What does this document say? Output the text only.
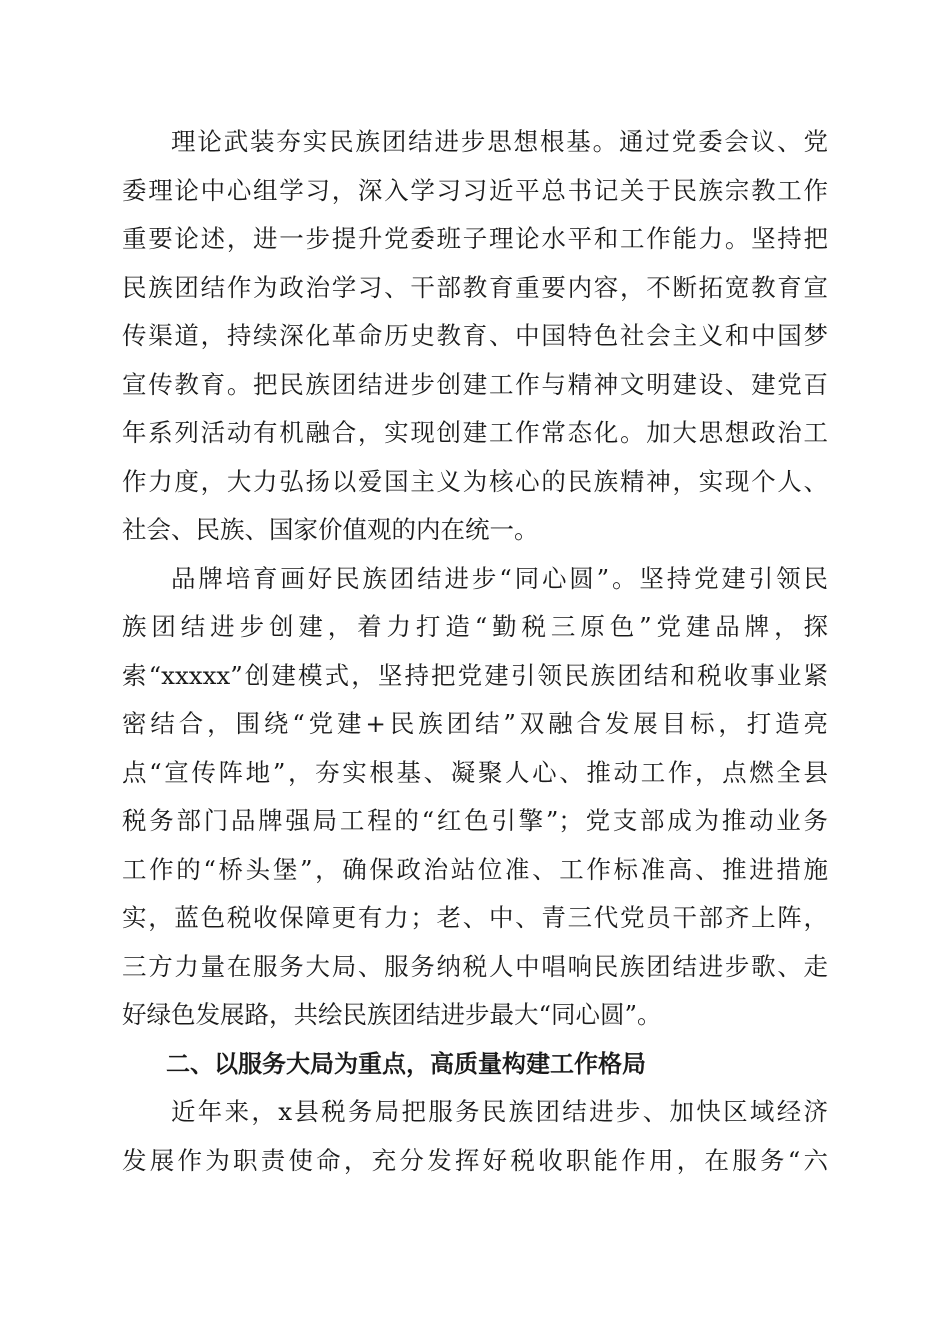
理论武装夯实民族团结进步思想根基。通过党委会议、党
委理论中心组学习，深入学习习近平总书记关于民族宗教工作
重要论述，进一步提升党委班子理论水平和工作能力。坚持把
民族团结作为政治学习、干部教育重要内容，不断拓宽教育宣
传渠道，持续深化革命历史教育、中国特色社会主义和中国梦
宣传教育。把民族团结进步创建工作与精神文明建设、建党百
年系列活动有机融合，实现创建工作常态化。加大思想政治工
作力度，大力弘扬以爱国主义为核心的民族精神，实现个人、
社会、民族、国家价值观的内在统一。
品牌培育画好民族团结进步“同心圆”。坚持党建引领民
族团结进步创建，着力打造“勤税三原色”党建品牌，探
索“xxxxx”创建模式，坚持把党建引领民族团结和税收事业紧
密结合，围绕“党建+民族团结”双融合发展目标，打造亮
点“宣传阵地”，夯实根基、凝聚人心、推动工作，点燃全县
税务部门品牌强局工程的“红色引擎”；党支部成为推动业务
工作的“桥头堡”，确保政治站位准、工作标准高、推进措施
实，蓝色税收保障更有力；老、中、青三代党员干部齐上阵，
三方力量在服务大局、服务纳税人中唱响民族团结进步歌、走
好绿色发展路，共绘民族团结进步最大“同心圆”。
二、以服务大局为重点，高质量构建工作格局
近年来，x县税务局把服务民族团结进步、加快区域经济
发展作为职责使命，充分发挥好税收职能作用，在服务“六
